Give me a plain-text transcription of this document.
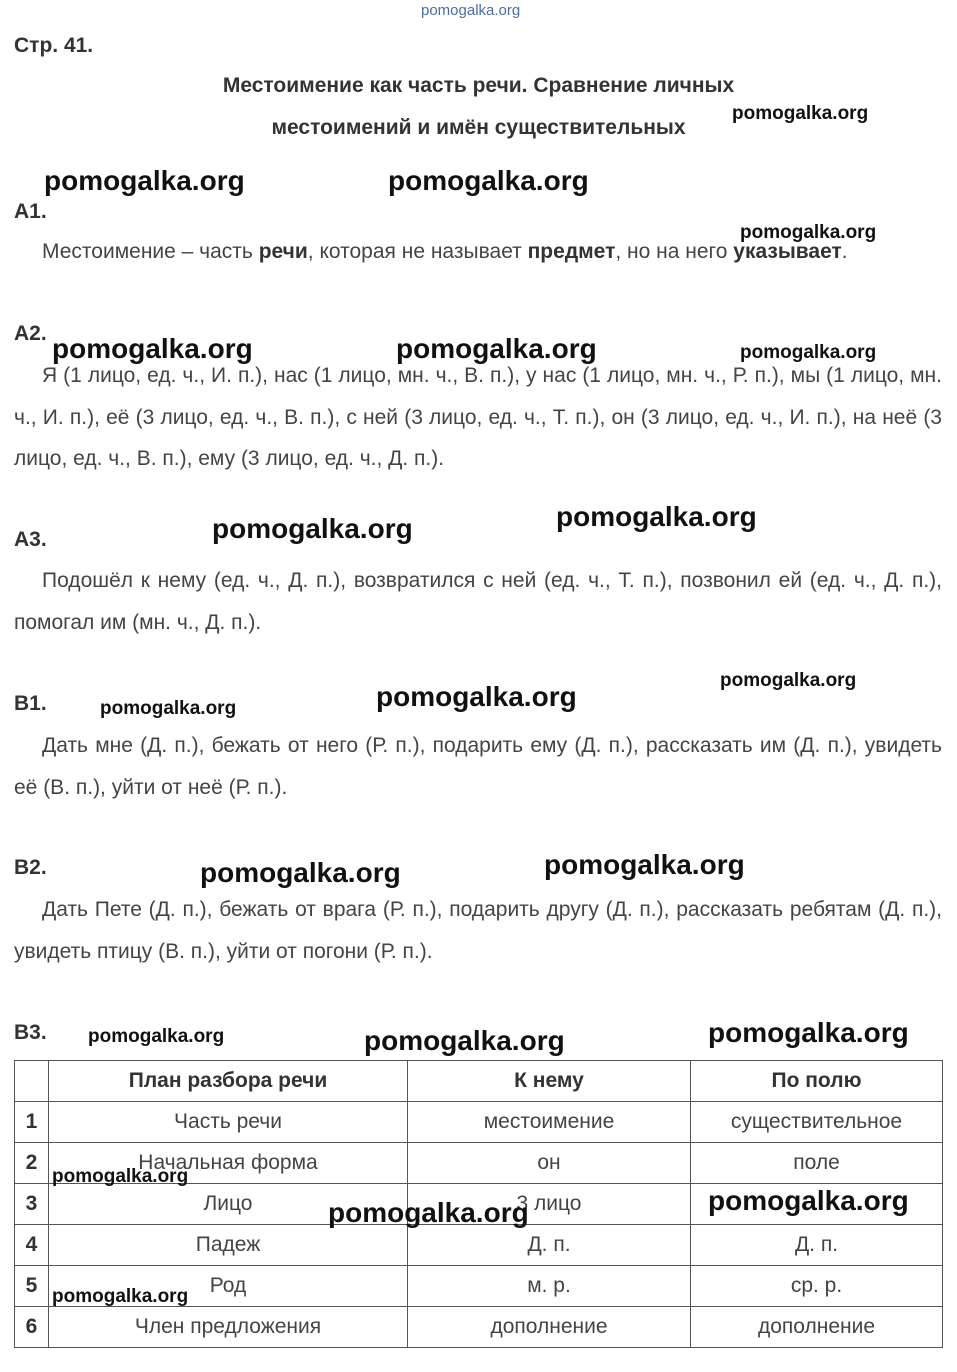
pomogalka.org
Стр. 41.
Местоимение как часть речи. Сравнение личных
местоимений и имён существительных
А1.
Местоимение – часть речи, которая не называет предмет, но на него указывает.
А2.
Я (1 лицо, ед. ч., И. п.), нас (1 лицо, мн. ч., В. п.), у нас (1 лицо, мн. ч., Р. п.), мы (1 лицо, мн. ч., И. п.), её (3 лицо, ед. ч., В. п.), с ней (3 лицо, ед. ч., Т. п.), он (3 лицо, ед. ч., И. п.), на неё (3 лицо, ед. ч., В. п.), ему (3 лицо, ед. ч., Д. п.).
А3.
Подошёл к нему (ед. ч., Д. п.), возвратился с ней (ед. ч., Т. п.), позвонил ей (ед. ч., Д. п.), помогал им (мн. ч., Д. п.).
В1.
Дать мне (Д. п.), бежать от него (Р. п.), подарить ему (Д. п.), рассказать им (Д. п.), увидеть её (В. п.), уйти от неё (Р. п.).
В2.
Дать Пете (Д. п.), бежать от врага (Р. п.), подарить другу (Д. п.), рассказать ребятам (Д. п.), увидеть птицу (В. п.), уйти от погони (Р. п.).
В3.
	План разбора речи	К нему	По полю
1	Часть речи	местоимение	существительное
2	Начальная форма	он	поле
3	Лицо	3 лицо	
4	Падеж	Д. п.	Д. п.
5	Род	м. р.	ср. р.
6	Член предложения	дополнение	дополнение
pomogalka.org
pomogalka.org	pomogalka.org
pomogalka.org
pomogalka.org	pomogalka.org	pomogalka.org
pomogalka.org	pomogalka.org
pomogalka.org
pomogalka.org	pomogalka.org
pomogalka.org	pomogalka.org
pomogalka.org	pomogalka.org	pomogalka.org
pomogalka.org
pomogalka.org
pomogalka.org
pomogalka.org
